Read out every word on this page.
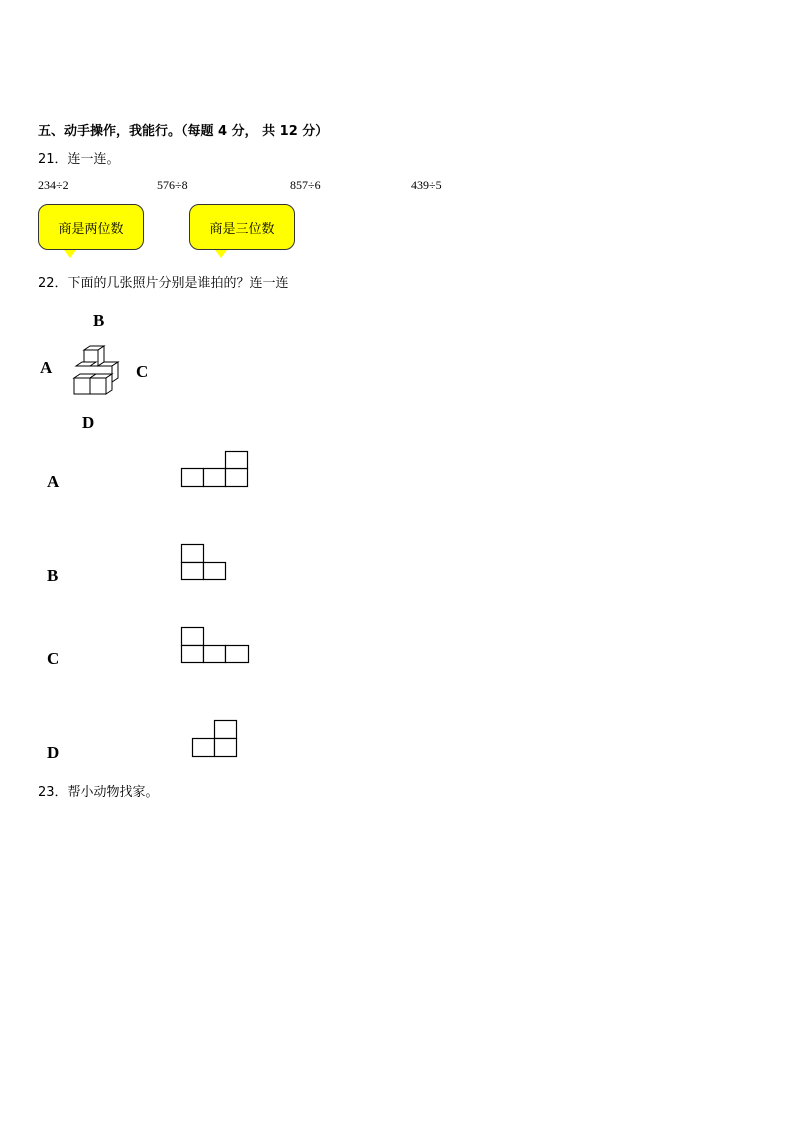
五、动手操作，我能行。（每题 4 分， 共 12 分）
21．连一连。
234÷2	576÷8	857÷6	439÷5
商是两位数	商是三位数
22．下面的几张照片分别是谁拍的？连一连
B
A	C
D
A
B
C
D
23．帮小动物找家。
